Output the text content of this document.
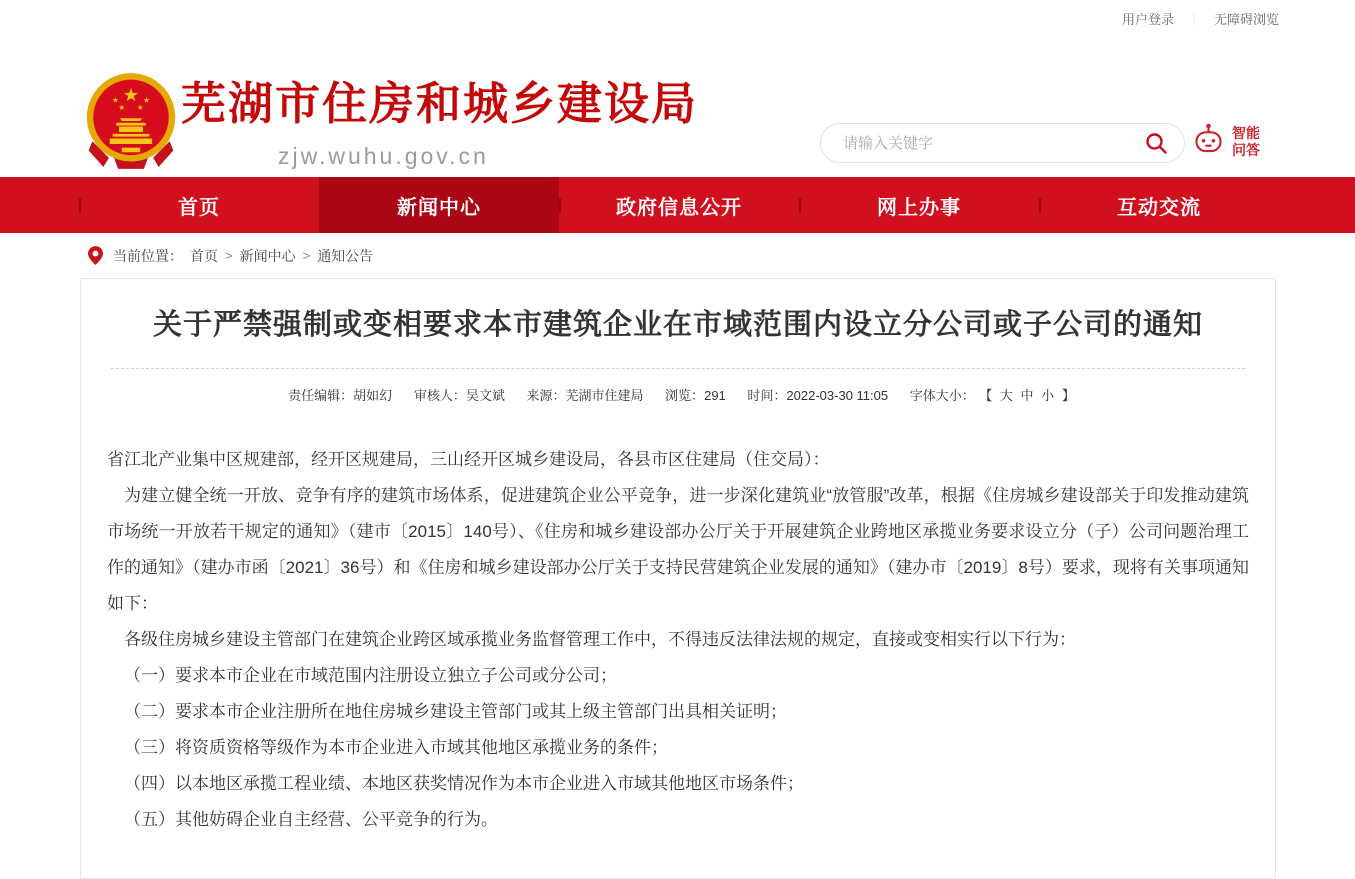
用户登录 ｜ 无障碍浏览
芜湖市住房和城乡建设局
zjw.wuhu.gov.cn
请输入关键字
智能
问答
首页	新闻中心	政府信息公开	网上办事	互动交流
当前位置： 首页 > 新闻中心 > 通知公告
关于严禁强制或变相要求本市建筑企业在市域范围内设立分公司或子公司的通知
责任编辑：胡如幻 审核人：吴文斌 来源：芜湖市住建局 浏览：291 时间：2022-03-30 11:05 字体大小： 【 大 中 小 】

省江北产业集中区规建部，经开区规建局，三山经开区城乡建设局，各县市区住建局（住交局）：

为建立健全统一开放、竞争有序的建筑市场体系，促进建筑企业公平竞争，进一步深化建筑业“放管服”改革，根据《住房城乡建设部关于印发推动建筑市场统一开放若干规定的通知》（建市〔2015〕140号）、《住房和城乡建设部办公厅关于开展建筑企业跨地区承揽业务要求设立分（子）公司问题治理工作的通知》（建办市函〔2021〕36号）和《住房和城乡建设部办公厅关于支持民营建筑企业发展的通知》（建办市〔2019〕8号）要求，现将有关事项通知如下：

各级住房城乡建设主管部门在建筑企业跨区域承揽业务监督管理工作中，不得违反法律法规的规定，直接或变相实行以下行为：

（一）要求本市企业在市域范围内注册设立独立子公司或分公司；

（二）要求本市企业注册所在地住房城乡建设主管部门或其上级主管部门出具相关证明；

（三）将资质资格等级作为本市企业进入市域其他地区承揽业务的条件；

（四）以本地区承揽工程业绩、本地区获奖情况作为本市企业进入市域其他地区市场条件；

（五）其他妨碍企业自主经营、公平竞争的行为。
